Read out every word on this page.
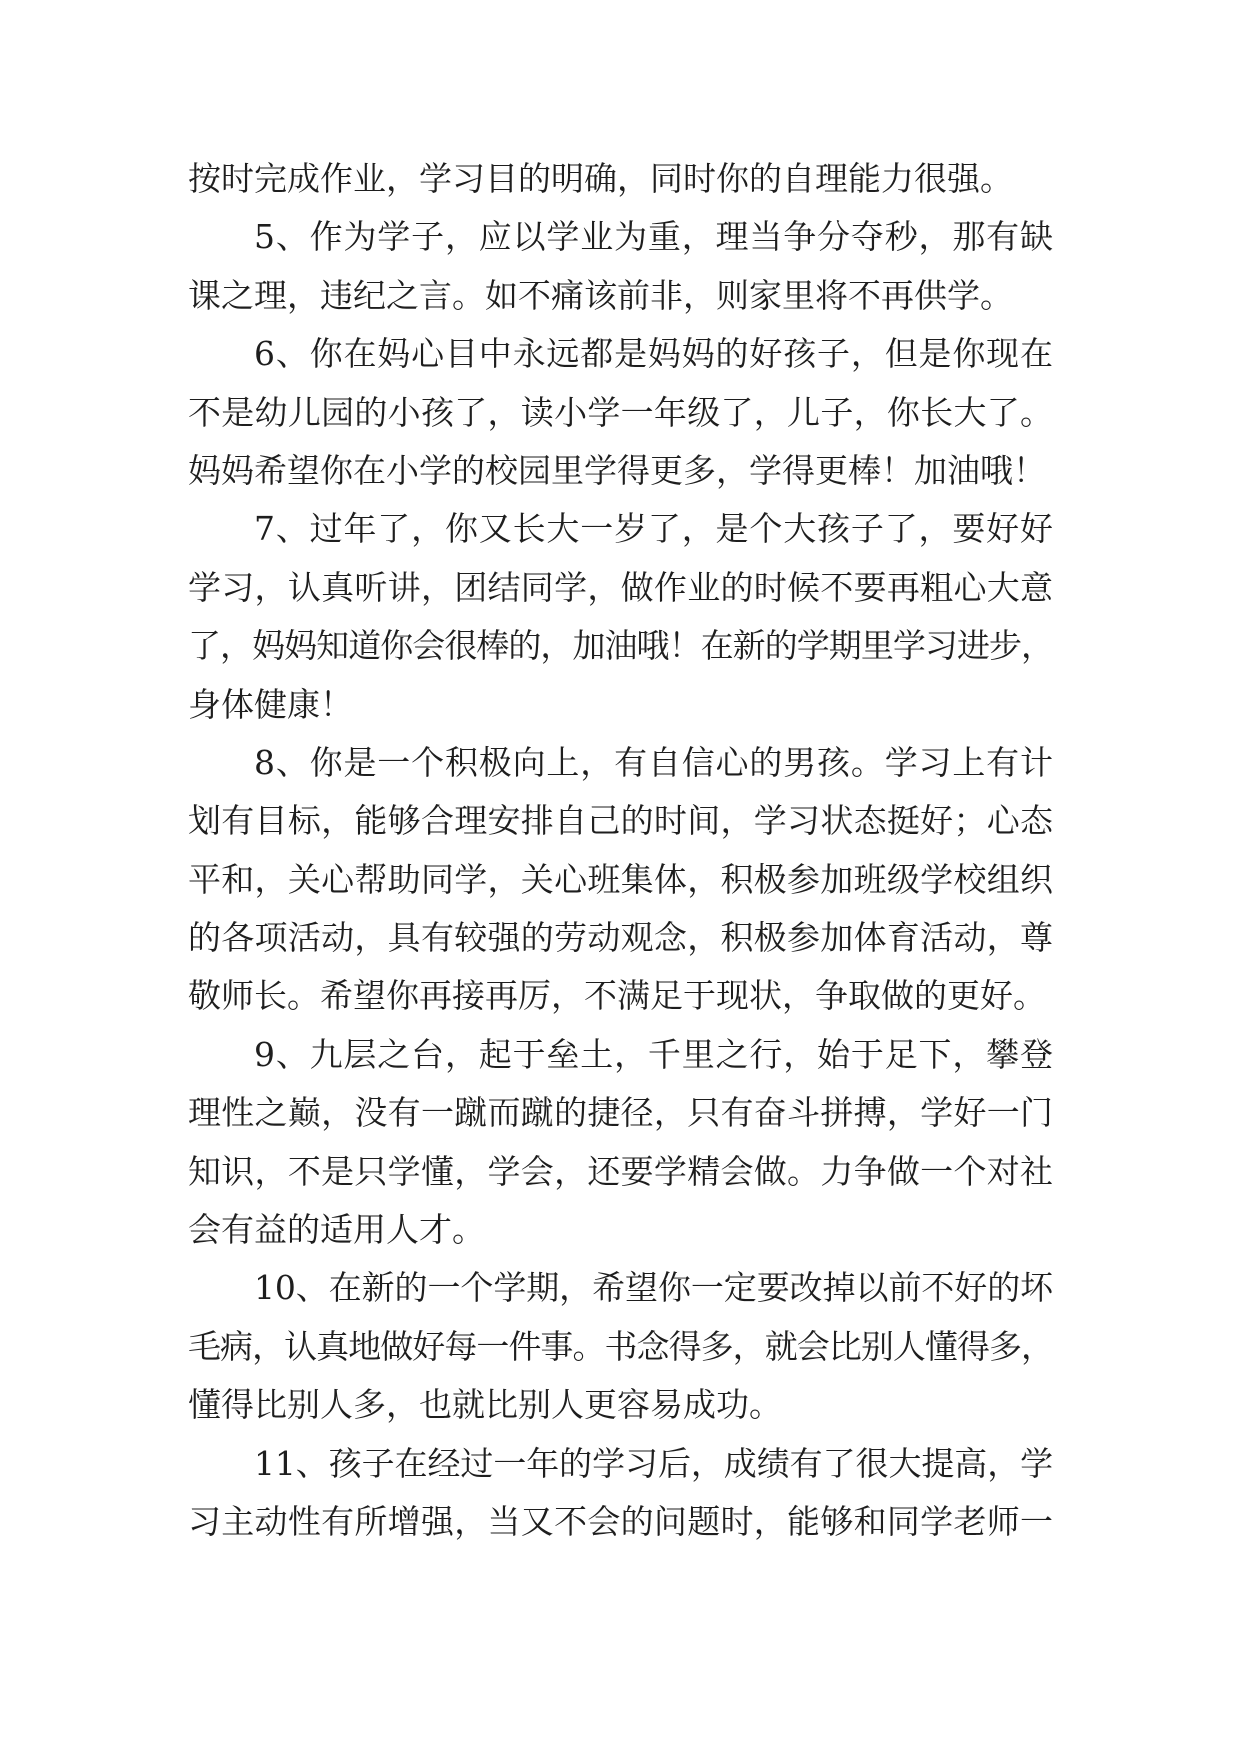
按时完成作业，学习目的明确，同时你的自理能力很强。
5、作为学子，应以学业为重，理当争分夺秒，那有缺
课之理，违纪之言。如不痛该前非，则家里将不再供学。
6、你在妈心目中永远都是妈妈的好孩子，但是你现在
不是幼儿园的小孩了，读小学一年级了，儿子，你长大了。
妈妈希望你在小学的校园里学得更多，学得更棒！加油哦！
7、过年了，你又长大一岁了，是个大孩子了，要好好
学习，认真听讲，团结同学，做作业的时候不要再粗心大意
了，妈妈知道你会很棒的，加油哦！在新的学期里学习进步，
身体健康！
8、你是一个积极向上，有自信心的男孩。学习上有计
划有目标，能够合理安排自己的时间，学习状态挺好；心态
平和，关心帮助同学，关心班集体，积极参加班级学校组织
的各项活动，具有较强的劳动观念，积极参加体育活动，尊
敬师长。希望你再接再厉，不满足于现状，争取做的更好。
9、九层之台，起于垒土，千里之行，始于足下，攀登
理性之巅，没有一蹴而蹴的捷径，只有奋斗拼搏，学好一门
知识，不是只学懂，学会，还要学精会做。力争做一个对社
会有益的适用人才。
10、在新的一个学期，希望你一定要改掉以前不好的坏
毛病，认真地做好每一件事。书念得多，就会比别人懂得多，
懂得比别人多，也就比别人更容易成功。
11、孩子在经过一年的学习后，成绩有了很大提高，学
习主动性有所增强，当又不会的问题时，能够和同学老师一
